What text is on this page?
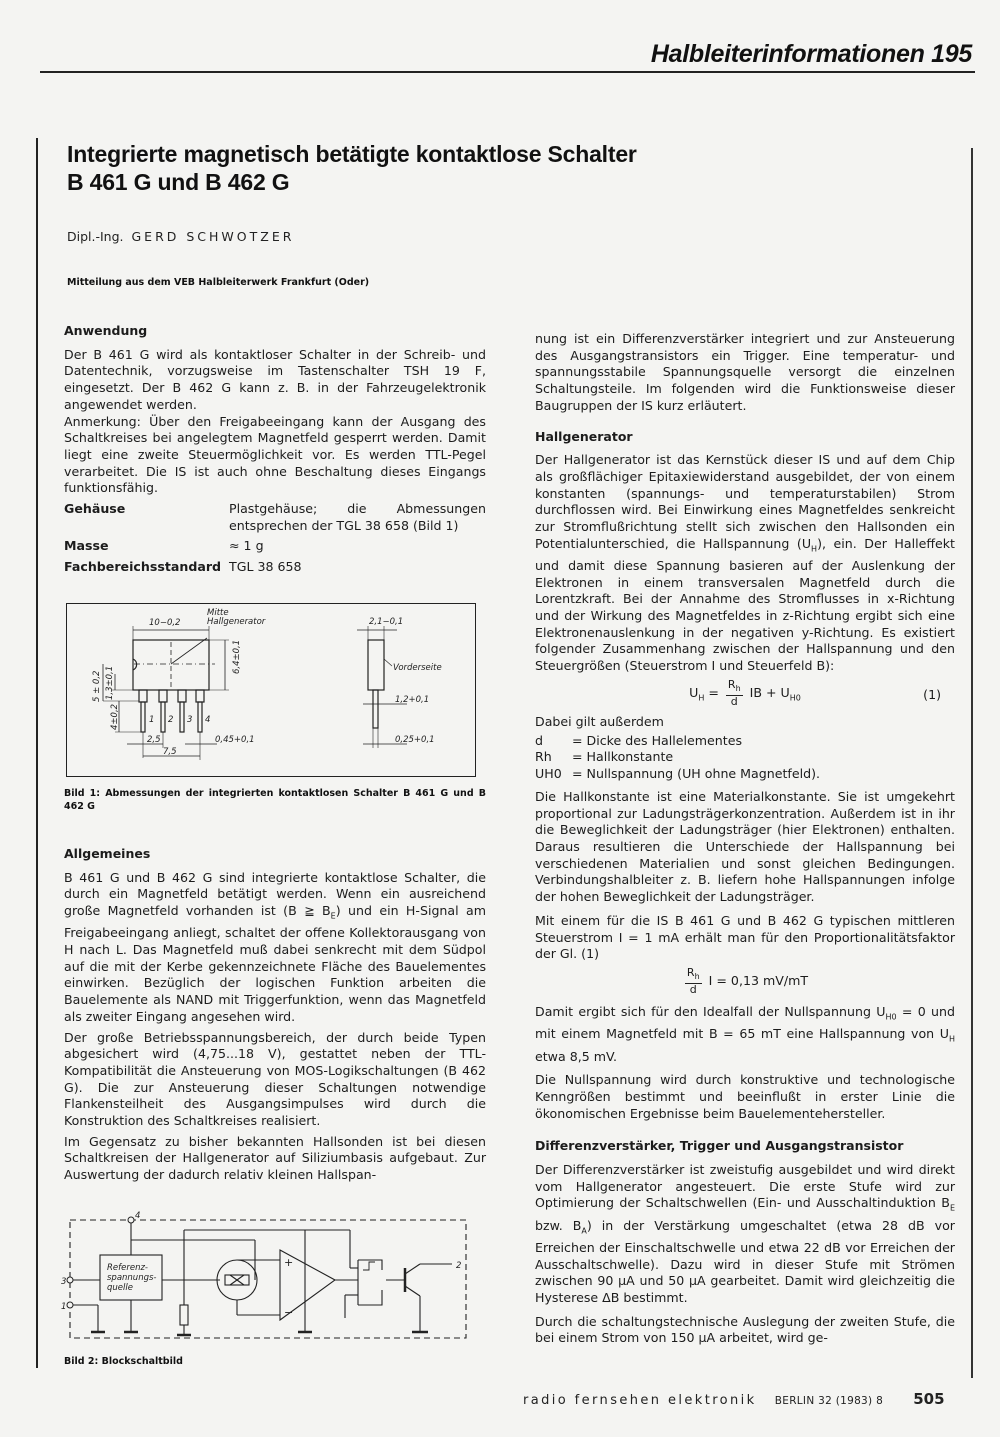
Halbleiterinformationen 195
Integrierte magnetisch betätigte kontaktlose Schalter
B 461 G und B 462 G
Dipl.-Ing. GERD SCHWOTZER
Mitteilung aus dem VEB Halbleiterwerk Frankfurt (Oder)
Anwendung

Der B 461 G wird als kontaktloser Schalter in der Schreib- und Datentechnik, vorzugsweise im Tastenschalter TSH 19 F, eingesetzt. Der B 462 G kann z. B. in der Fahrzeugelektronik angewendet werden.

Anmerkung: Über den Freigabeeingang kann der Ausgang des Schaltkreises bei angelegtem Magnetfeld gesperrt werden. Damit liegt eine zweite Steuermöglichkeit vor. Es werden TTL-Pegel verarbeitet. Die IS ist auch ohne Beschaltung dieses Eingangs funktionsfähig.

Gehäuse	Plastgehäuse; die Abmessungen entsprechen der TGL 38 658 (Bild 1)
Masse	≈ 1 g
Fachbereichsstandard TGL 38 658
10−0,2
Mitte
Hallgenerator
6,4±0,1
5 ± 0,2 1,3±0,1
4±0,2	1 2 3 4
2,5
7,5
0,45+0,1
2,1−0,1
Vorderseite
1,2+0,1
0,25+0,1
Bild 1: Abmessungen der integrierten kontaktlosen Schalter B 461 G und B 462 G
Allgemeines

B 461 G und B 462 G sind integrierte kontaktlose Schalter, die durch ein Magnetfeld betätigt werden. Wenn ein ausreichend große Magnetfeld vorhanden ist (B ≧ $B_E$) und ein H-Signal am Freigabeeingang anliegt, schaltet der offene Kollektorausgang von H nach L. Das Magnetfeld muß dabei senkrecht mit dem Südpol auf die mit der Kerbe gekennzeichnete Fläche des Bauelementes einwirken. Bezüglich der logischen Funktion arbeiten die Bauelemente als NAND mit Triggerfunktion, wenn das Magnetfeld als zweiter Eingang angesehen wird.

Der große Betriebsspannungsbereich, der durch beide Typen abgesichert wird (4,75...18 V), gestattet neben der TTL-Kompatibilität die Ansteuerung von MOS-Logikschaltungen (B 462 G). Die zur Ansteuerung dieser Schaltungen notwendige Flankensteilheit des Ausgangsimpulses wird durch die Konstruktion des Schaltkreises realisiert.

Im Gegensatz zu bisher bekannten Hallsonden ist bei diesen Schaltkreisen der Hallgenerator auf Siliziumbasis aufgebaut. Zur Auswertung der dadurch relativ kleinen Hallspan-

4
3
1
2
Referenz-
spannungs-
quelle
+
−
Bild 2: Blockschaltbild

nung ist ein Differenzverstärker integriert und zur Ansteuerung des Ausgangstransistors ein Trigger. Eine temperatur- und spannungsstabile Spannungsquelle versorgt die einzelnen Schaltungsteile. Im folgenden wird die Funktionsweise dieser Baugruppen der IS kurz erläutert.

Hallgenerator

Der Hallgenerator ist das Kernstück dieser IS und auf dem Chip als großflächiger Epitaxiewiderstand ausgebildet, der von einem konstanten (spannungs- und temperaturstabilen) Strom durchflossen wird. Bei Einwirkung eines Magnetfeldes senkreicht zur Stromflußrichtung stellt sich zwischen den Hallsonden ein Potentialunterschied, die Hallspannung $(U_H)$, ein. Der Halleffekt und damit diese Spannung basieren auf der Auslenkung der Elektronen in einem transversalen Magnetfeld durch die Lorentzkraft. Bei der Annahme des Stromflusses in x-Richtung und der Wirkung des Magnetfeldes in z-Richtung ergibt sich eine Elektronenauslenkung in der negativen y-Richtung. Es existiert folgender Zusammenhang zwischen der Hallspannung und den Steuergrößen (Steuerstrom I und Steuerfeld B):

$U_H = \frac{R_h}{d}$ IB + $U_{H0}$	(1)

Dabei gilt außerdem

d	= Dicke des Hallelementes
Rh	= Hallkonstante
UH0 = Nullspannung (UH ohne Magnetfeld).

Die Hallkonstante ist eine Materialkonstante. Sie ist umgekehrt proportional zur Ladungsträgerkonzentration. Außerdem ist in ihr die Beweglichkeit der Ladungsträger (hier Elektronen) enthalten. Daraus resultieren die Unterschiede der Hallspannung bei verschiedenen Materialien und sonst gleichen Bedingungen. Verbindungshalbleiter z. B. liefern hohe Hallspannungen infolge der hohen Beweglichkeit der Ladungsträger.

Mit einem für die IS B 461 G und B 462 G typischen mittleren Steuerstrom I = 1 mA erhält man für den Proportionalitätsfaktor der Gl. (1)

$\frac{R_h}{d}$ I = 0,13 mV/mT

Damit ergibt sich für den Idealfall der Nullspannung $U_{H0} = 0$ und mit einem Magnetfeld mit B = 65 mT eine Hallspannung von $U_H$ etwa 8,5 mV.

Die Nullspannung wird durch konstruktive und technologische Kenngrößen bestimmt und beeinflußt in erster Linie die ökonomischen Ergebnisse beim Bauelementehersteller.

Differenzverstärker, Trigger und Ausgangstransistor

Der Differenzverstärker ist zweistufig ausgebildet und wird direkt vom Hallgenerator angesteuert. Die erste Stufe wird zur Optimierung der Schaltschwellen (Ein- und Ausschaltinduktion $B_E$ bzw. $B_A$) in der Verstärkung umgeschaltet (etwa 28 dB vor Erreichen der Einschaltschwelle und etwa 22 dB vor Erreichen der Ausschaltschwelle). Dazu wird in dieser Stufe mit Strömen zwischen 90 μA und 50 μA gearbeitet. Damit wird gleichzeitig die Hysterese ΔB bestimmt.

Durch die schaltungstechnische Auslegung der zweiten Stufe, die bei einem Strom von 150 μA arbeitet, wird ge-

radio fernsehen elektronik BERLIN 32 (1983) 8 505
